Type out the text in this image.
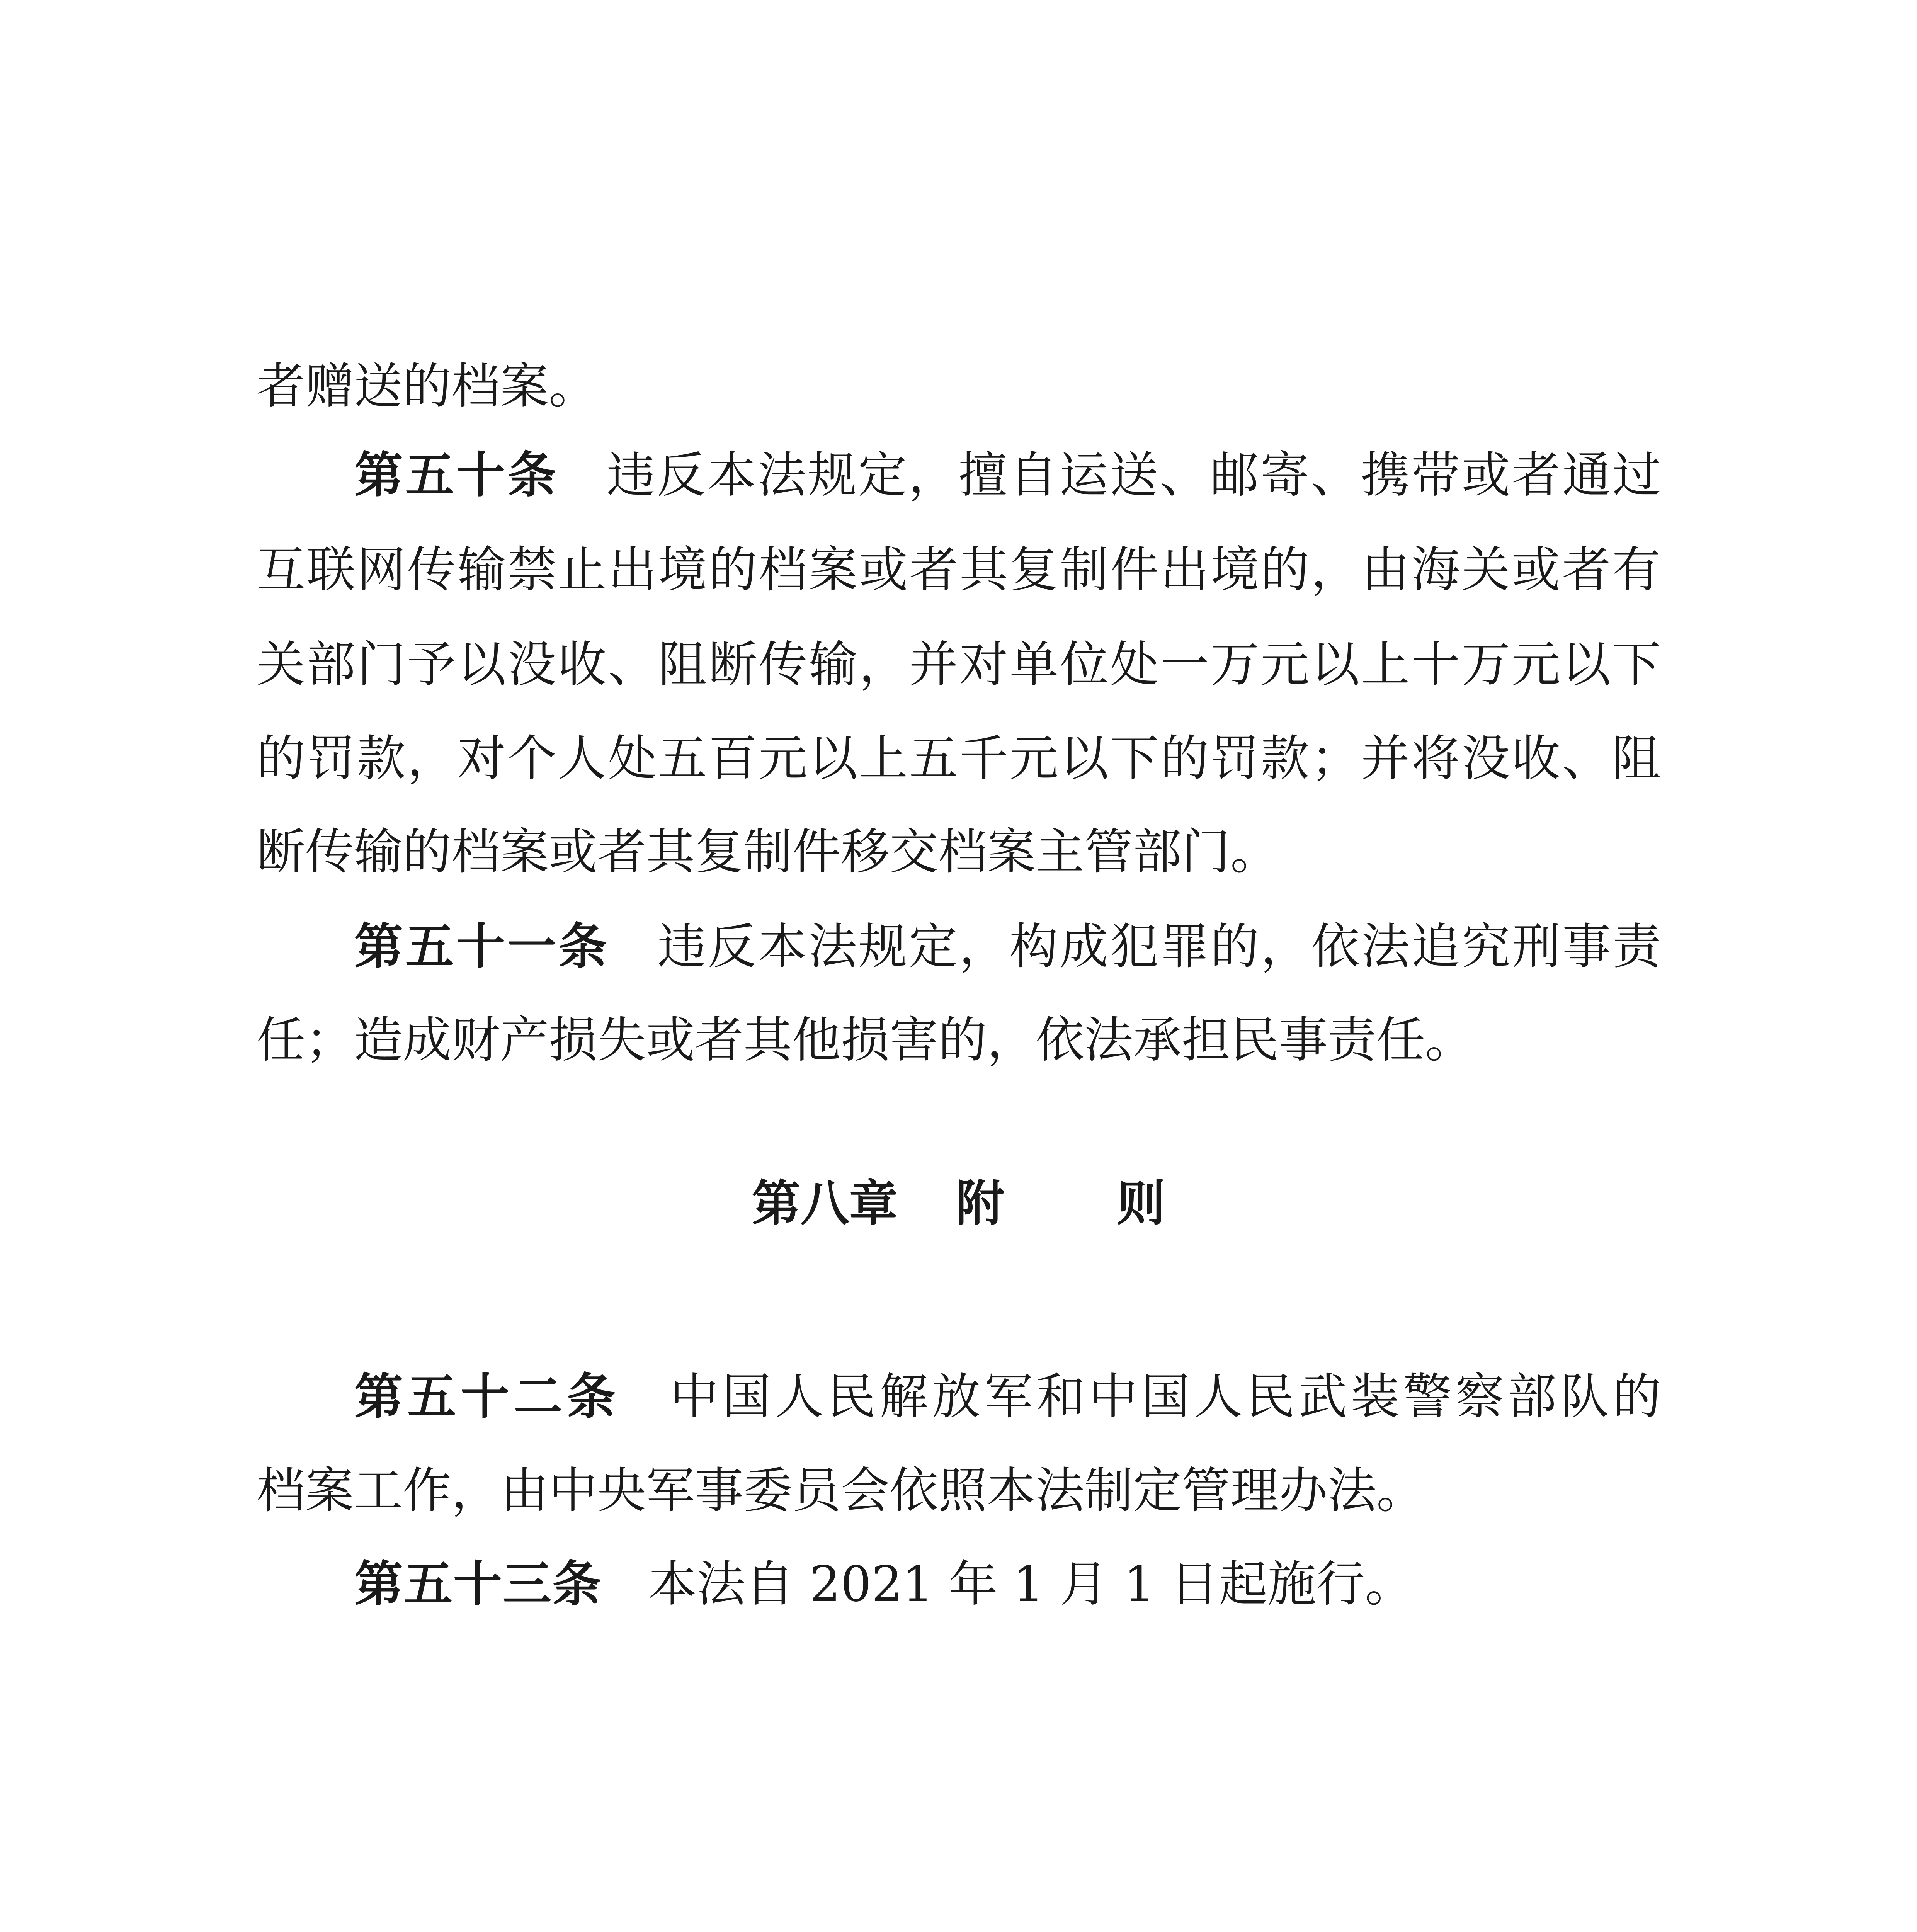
者赠送的档案。
第五十条 违反本法规定，擅自运送、邮寄、携带或者通过
互联网传输禁止出境的档案或者其复制件出境的，由海关或者有
关部门予以没收、阻断传输，并对单位处一万元以上十万元以下
的罚款，对个人处五百元以上五千元以下的罚款；并将没收、阻
断传输的档案或者其复制件移交档案主管部门。
第五十一条 违反本法规定，构成犯罪的，依法追究刑事责
任；造成财产损失或者其他损害的，依法承担民事责任。
第八章 附 则
第五十二条 中国人民解放军和中国人民武装警察部队的
档案工作，由中央军事委员会依照本法制定管理办法。
第五十三条 本法自 2021 年 1 月 1 日起施行。
